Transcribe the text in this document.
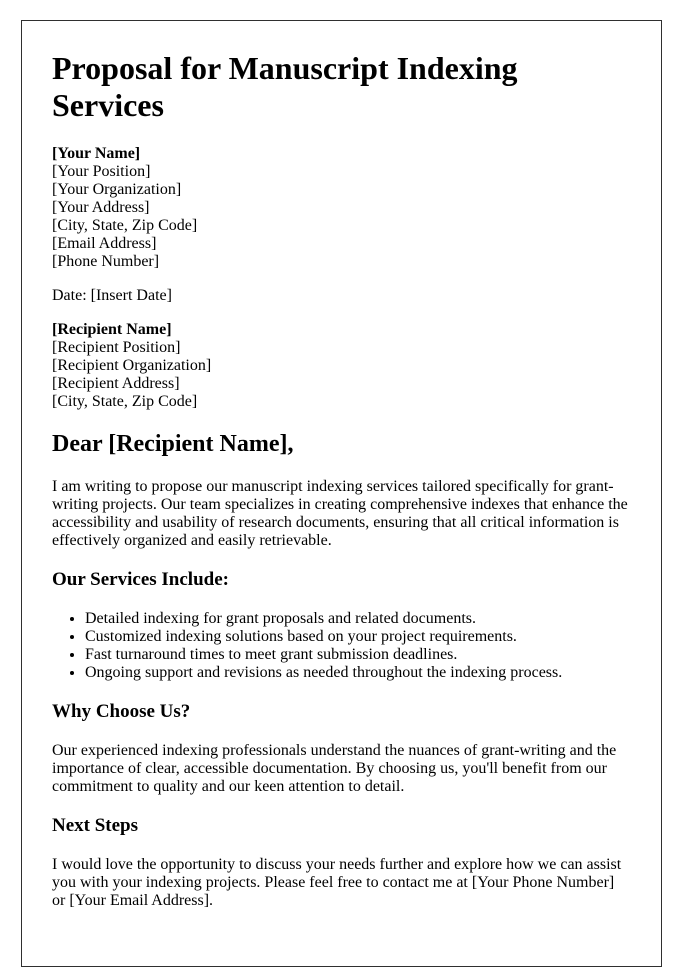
Proposal for Manuscript Indexing Services

[Your Name]
[Your Position]
[Your Organization]
[Your Address]
[City, State, Zip Code]
[Email Address]
[Phone Number]

Date: [Insert Date]

[Recipient Name]
[Recipient Position]
[Recipient Organization]
[Recipient Address]
[City, State, Zip Code]

Dear [Recipient Name],

I am writing to propose our manuscript indexing services tailored specifically for grant-writing projects. Our team specializes in creating comprehensive indexes that enhance the accessibility and usability of research documents, ensuring that all critical information is effectively organized and easily retrievable.

Our Services Include:
• Detailed indexing for grant proposals and related documents.
• Customized indexing solutions based on your project requirements.
• Fast turnaround times to meet grant submission deadlines.
• Ongoing support and revisions as needed throughout the indexing process.
Why Choose Us?

Our experienced indexing professionals understand the nuances of grant-writing and the importance of clear, accessible documentation. By choosing us, you'll benefit from our commitment to quality and our keen attention to detail.

Next Steps

I would love the opportunity to discuss your needs further and explore how we can assist you with your indexing projects. Please feel free to contact me at [Your Phone Number] or [Your Email Address].
